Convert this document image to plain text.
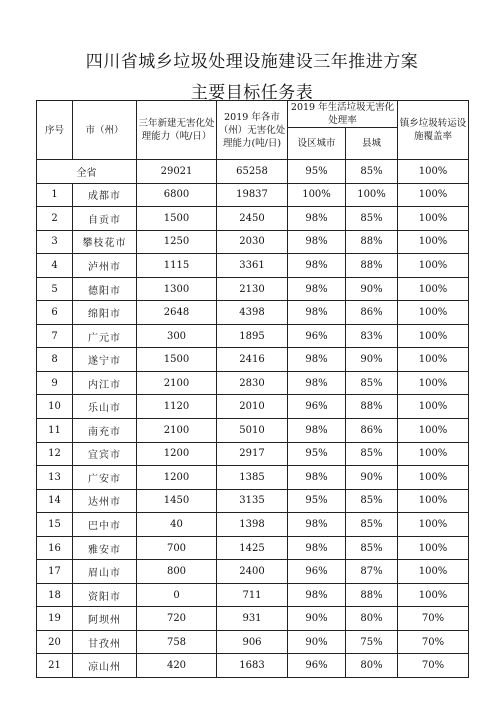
四川省城乡垃圾处理设施建设三年推进方案
主要目标任务表
序号	市（州）	三年新建无害化处理能力（吨/日）	2019 年各市（州）无害化处理能力(吨/日)	2019 年生活垃圾无害化处理率		镇乡垃圾转运设施覆盖率
				设区城市	县城	
全省		29021	65258	95%	85%	100%
1	成都市	6800	19837	100%	100%	100%
2	自贡市	1500	2450	98%	85%	100%
3	攀枝花市	1250	2030	98%	88%	100%
4	泸州市	1115	3361	98%	88%	100%
5	德阳市	1300	2130	98%	90%	100%
6	绵阳市	2648	4398	98%	86%	100%
7	广元市	300	1895	96%	83%	100%
8	遂宁市	1500	2416	98%	90%	100%
9	内江市	2100	2830	98%	85%	100%
10	乐山市	1120	2010	96%	88%	100%
11	南充市	2100	5010	98%	86%	100%
12	宜宾市	1200	2917	95%	85%	100%
13	广安市	1200	1385	98%	90%	100%
14	达州市	1450	3135	95%	85%	100%
15	巴中市	40	1398	98%	85%	100%
16	雅安市	700	1425	98%	85%	100%
17	眉山市	800	2400	96%	87%	100%
18	资阳市	0	711	98%	88%	100%
19	阿坝州	720	931	90%	80%	70%
20	甘孜州	758	906	90%	75%	70%
21	凉山州	420	1683	96%	80%	70%
